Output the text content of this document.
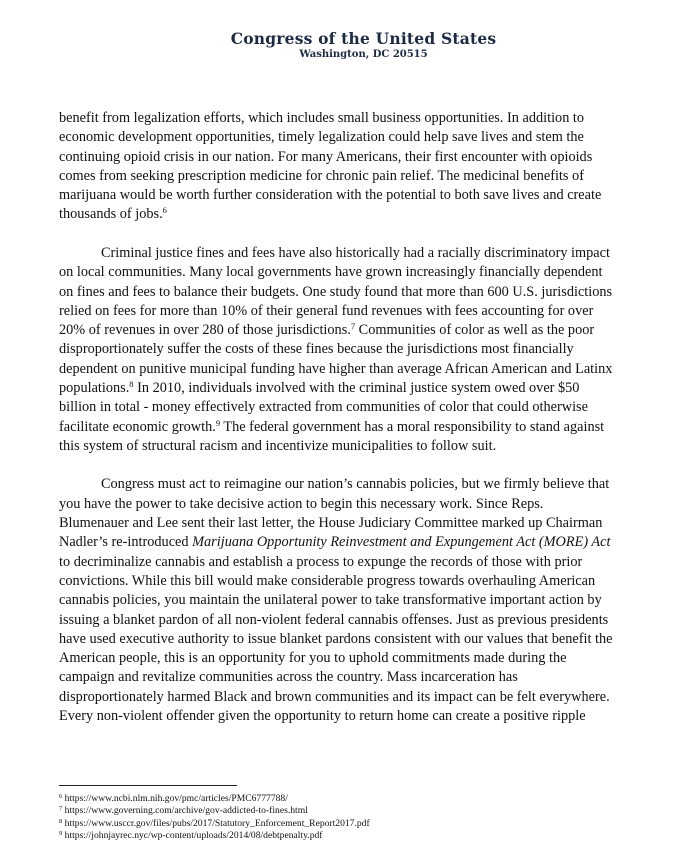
Congress of the United States
Washington, DC 20515
benefit from legalization efforts, which includes small business opportunities. In addition to
economic development opportunities, timely legalization could help save lives and stem the
continuing opioid crisis in our nation. For many Americans, their first encounter with opioids
comes from seeking prescription medicine for chronic pain relief. The medicinal benefits of
marijuana would be worth further consideration with the potential to both save lives and create
thousands of jobs.$^6$
Criminal justice fines and fees have also historically had a racially discriminatory impact
on local communities. Many local governments have grown increasingly financially dependent
on fines and fees to balance their budgets. One study found that more than 600 U.S. jurisdictions
relied on fees for more than 10% of their general fund revenues with fees accounting for over
20% of revenues in over 280 of those jurisdictions.$^7$ Communities of color as well as the poor
disproportionately suffer the costs of these fines because the jurisdictions most financially
dependent on punitive municipal funding have higher than average African American and Latinx
populations.$^8$ In 2010, individuals involved with the criminal justice system owed over $50
billion in total - money effectively extracted from communities of color that could otherwise
facilitate economic growth.$^9$ The federal government has a moral responsibility to stand against
this system of structural racism and incentivize municipalities to follow suit.
Congress must act to reimagine our nation’s cannabis policies, but we firmly believe that
you have the power to take decisive action to begin this necessary work. Since Reps.
Blumenauer and Lee sent their last letter, the House Judiciary Committee marked up Chairman
Nadler’s re-introduced Marijuana Opportunity Reinvestment and Expungement Act (MORE) Act
to decriminalize cannabis and establish a process to expunge the records of those with prior
convictions. While this bill would make considerable progress towards overhauling American
cannabis policies, you maintain the unilateral power to take transformative important action by
issuing a blanket pardon of all non-violent federal cannabis offenses. Just as previous presidents
have used executive authority to issue blanket pardons consistent with our values that benefit the
American people, this is an opportunity for you to uphold commitments made during the
campaign and revitalize communities across the country. Mass incarceration has
disproportionately harmed Black and brown communities and its impact can be felt everywhere.
Every non-violent offender given the opportunity to return home can create a positive ripple
$^6$ https://www.ncbi.nlm.nih.gov/pmc/articles/PMC6777788/
$^7$ https://www.governing.com/archive/gov-addicted-to-fines.html
$^8$ https://www.usccr.gov/files/pubs/2017/Statutory_Enforcement_Report2017.pdf
$^9$ https://johnjayrec.nyc/wp-content/uploads/2014/08/debtpenalty.pdf
